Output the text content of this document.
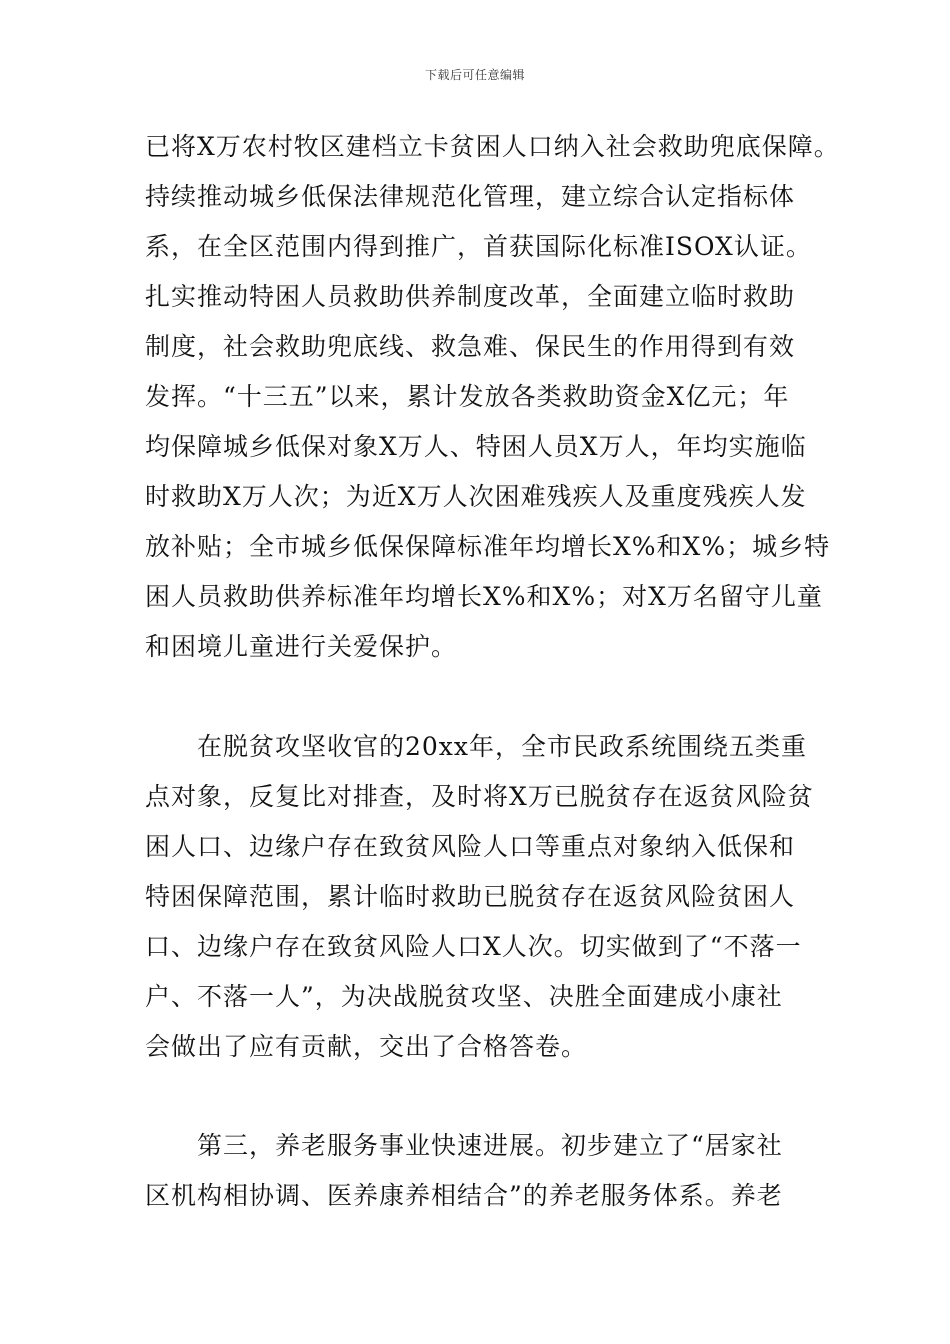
下载后可任意编辑
已将X万农村牧区建档立卡贫困人口纳入社会救助兜底保障。
持续推动城乡低保法律规范化管理，建立综合认定指标体
系，在全区范围内得到推广，首获国际化标准ISOX认证。
扎实推动特困人员救助供养制度改革，全面建立临时救助
制度，社会救助兜底线、救急难、保民生的作用得到有效
发挥。“十三五”以来，累计发放各类救助资金X亿元；年
均保障城乡低保对象X万人、特困人员X万人，年均实施临
时救助X万人次；为近X万人次困难残疾人及重度残疾人发
放补贴；全市城乡低保保障标准年均增长X%和X%；城乡特
困人员救助供养标准年均增长X%和X%；对X万名留守儿童
和困境儿童进行关爱保护。
在脱贫攻坚收官的20xx年，全市民政系统围绕五类重
点对象，反复比对排查，及时将X万已脱贫存在返贫风险贫
困人口、边缘户存在致贫风险人口等重点对象纳入低保和
特困保障范围，累计临时救助已脱贫存在返贫风险贫困人
口、边缘户存在致贫风险人口X人次。切实做到了“不落一
户、不落一人”，为决战脱贫攻坚、决胜全面建成小康社
会做出了应有贡献，交出了合格答卷。
第三，养老服务事业快速进展。初步建立了“居家社
区机构相协调、医养康养相结合”的养老服务体系。养老
